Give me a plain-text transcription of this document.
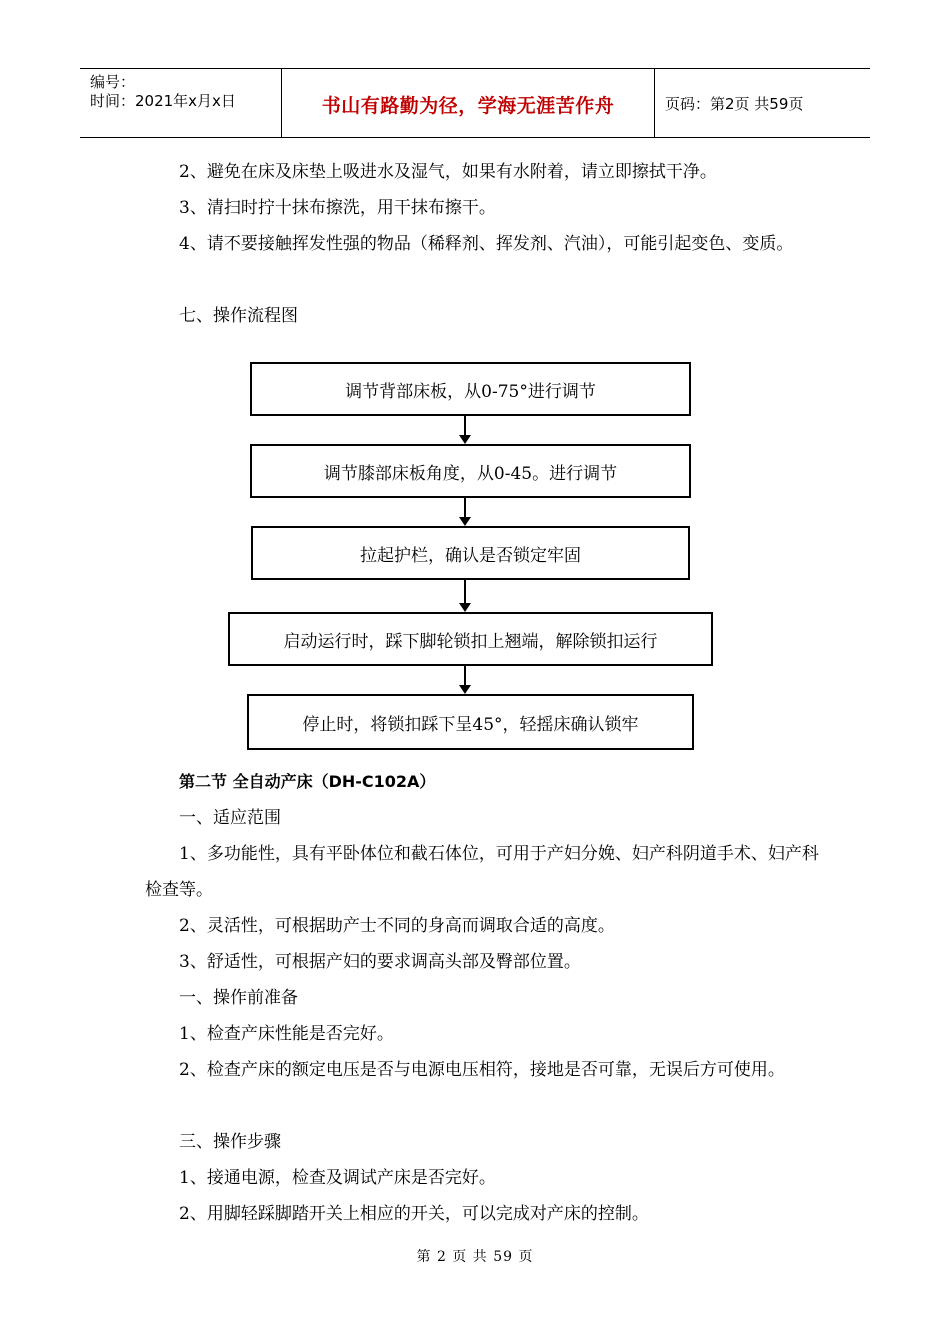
编号：
时间：2021年x月x日	书山有路勤为径，学海无涯苦作舟	页码：第2页 共59页

2、避免在床及床垫上吸进水及湿气，如果有水附着，请立即擦拭干净。

3、清扫时拧十抹布擦洗，用干抹布擦干。

4、请不要接触挥发性强的物品（稀释剂、挥发剂、汽油），可能引起变色、变质。

七、操作流程图

调节背部床板，从0-75°进行调节
调节膝部床板角度，从0-45。进行调节
拉起护栏，确认是否锁定牢固
启动运行时，踩下脚轮锁扣上翘端，解除锁扣运行
停止时，将锁扣踩下呈45°，轻摇床确认锁牢

第二节 全自动产床（DH-C102A）

一、适应范围

1、多功能性，具有平卧体位和截石体位，可用于产妇分娩、妇产科阴道手术、妇产科检查等。

2、灵活性，可根据助产士不同的身高而调取合适的高度。

3、舒适性，可根据产妇的要求调高头部及臀部位置。

一、操作前准备

1、检查产床性能是否完好。

2、检查产床的额定电压是否与电源电压相符，接地是否可靠，无误后方可使用。

三、操作步骤

1、接通电源，检查及调试产床是否完好。

2、用脚轻踩脚踏开关上相应的开关，可以完成对产床的控制。

第 2 页 共 59 页
